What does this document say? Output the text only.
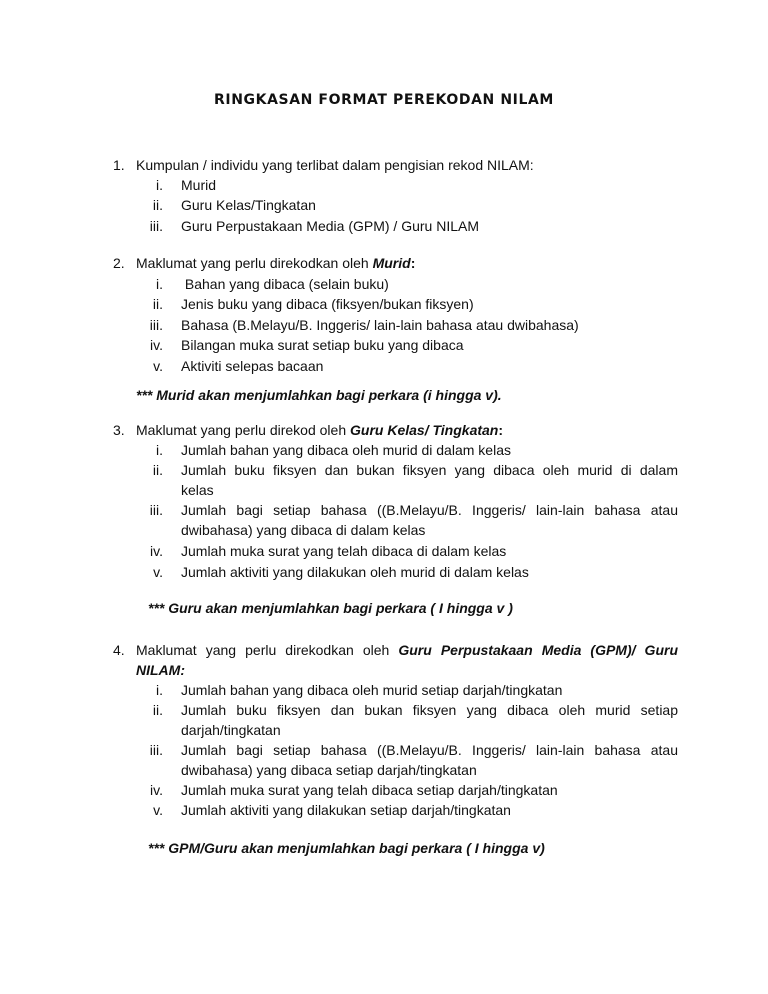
RINGKASAN FORMAT PEREKODAN NILAM
1. Kumpulan / individu yang terlibat dalam pengisian rekod NILAM:
i. Murid
ii. Guru Kelas/Tingkatan
iii. Guru Perpustakaan Media (GPM) / Guru NILAM
2. Maklumat yang perlu direkodkan oleh Murid:
i. Bahan yang dibaca (selain buku)
ii. Jenis buku yang dibaca (fiksyen/bukan fiksyen)
iii. Bahasa (B.Melayu/B. Inggeris/ lain-lain bahasa atau dwibahasa)
iv. Bilangan muka surat setiap buku yang dibaca
v. Aktiviti selepas bacaan
*** Murid akan menjumlahkan bagi perkara (i hingga v).
3. Maklumat yang perlu direkod oleh Guru Kelas/ Tingkatan:
i. Jumlah bahan yang dibaca oleh murid di dalam kelas
ii. Jumlah buku fiksyen dan bukan fiksyen yang dibaca oleh murid di dalam
kelas
iii. Jumlah bagi setiap bahasa ((B.Melayu/B. Inggeris/ lain-lain bahasa atau
dwibahasa) yang dibaca di dalam kelas
iv. Jumlah muka surat yang telah dibaca di dalam kelas
v. Jumlah aktiviti yang dilakukan oleh murid di dalam kelas
*** Guru akan menjumlahkan bagi perkara ( I hingga v )
4. Maklumat yang perlu direkodkan oleh Guru Perpustakaan Media (GPM)/ Guru
NILAM:
i. Jumlah bahan yang dibaca oleh murid setiap darjah/tingkatan
ii. Jumlah buku fiksyen dan bukan fiksyen yang dibaca oleh murid setiap
darjah/tingkatan
iii. Jumlah bagi setiap bahasa ((B.Melayu/B. Inggeris/ lain-lain bahasa atau
dwibahasa) yang dibaca setiap darjah/tingkatan
iv. Jumlah muka surat yang telah dibaca setiap darjah/tingkatan
v. Jumlah aktiviti yang dilakukan setiap darjah/tingkatan
*** GPM/Guru akan menjumlahkan bagi perkara ( I hingga v)
